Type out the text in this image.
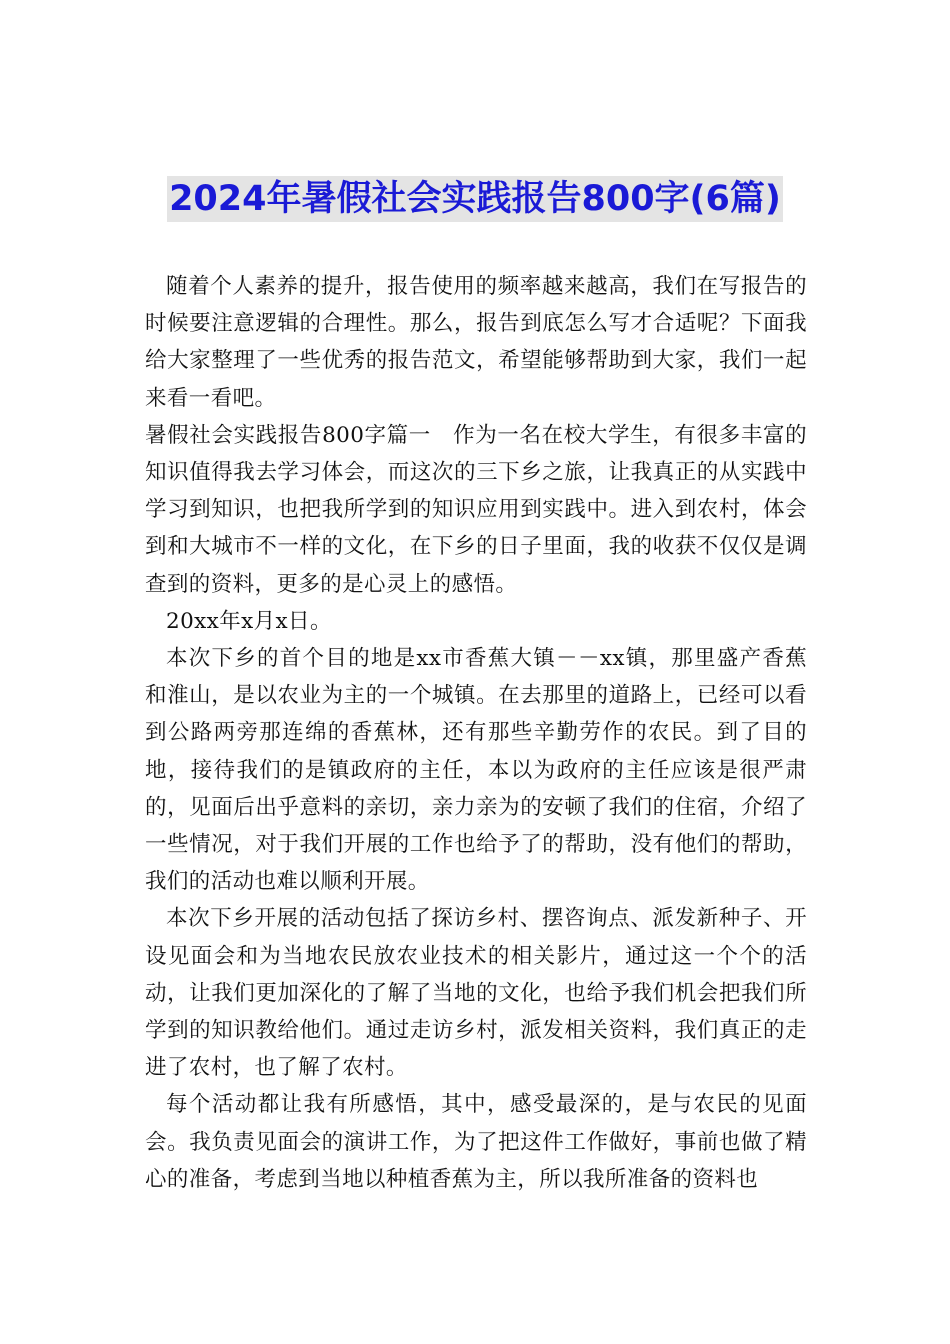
2024年暑假社会实践报告800字(6篇)

随着个人素养的提升，报告使用的频率越来越高，我们在写报告的时候要注意逻辑的合理性。那么，报告到底怎么写才合适呢？下面我给大家整理了一些优秀的报告范文，希望能够帮助到大家，我们一起来看一看吧。

暑假社会实践报告800字篇一　作为一名在校大学生，有很多丰富的知识值得我去学习体会，而这次的三下乡之旅，让我真正的从实践中学习到知识，也把我所学到的知识应用到实践中。进入到农村，体会到和大城市不一样的文化，在下乡的日子里面，我的收获不仅仅是调查到的资料，更多的是心灵上的感悟。

20xx年x月x日。

本次下乡的首个目的地是xx市香蕉大镇－－xx镇，那里盛产香蕉和淮山，是以农业为主的一个城镇。在去那里的道路上，已经可以看到公路两旁那连绵的香蕉林，还有那些辛勤劳作的农民。到了目的地，接待我们的是镇政府的主任，本以为政府的主任应该是很严肃的，见面后出乎意料的亲切，亲力亲为的安顿了我们的住宿，介绍了一些情况，对于我们开展的工作也给予了的帮助，没有他们的帮助，我们的活动也难以顺利开展。

本次下乡开展的活动包括了探访乡村、摆咨询点、派发新种子、开设见面会和为当地农民放农业技术的相关影片，通过这一个个的活动，让我们更加深化的了解了当地的文化，也给予我们机会把我们所学到的知识教给他们。通过走访乡村，派发相关资料，我们真正的走进了农村，也了解了农村。

每个活动都让我有所感悟，其中，感受最深的，是与农民的见面会。我负责见面会的演讲工作，为了把这件工作做好，事前也做了精心的准备，考虑到当地以种植香蕉为主，所以我所准备的资料也
